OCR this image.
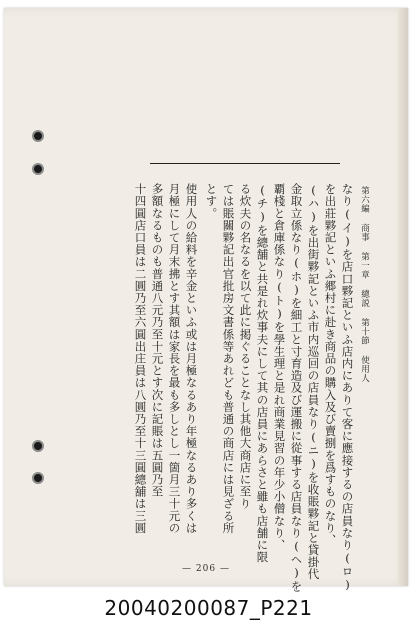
第六編 商事 第一章 總説 第十節 使用人
なり(イ)を店口夥記といふ店内にありて客に應接するの店員なり(ロ)
を出莊夥記といふ郷村に赴き商品の購入及び賣捌を爲すものなり、
(ハ)を出街夥記といふ市内巡回の店員なり(ニ)を收賬夥記と貸掛代
金取立係なり(ホ)を細工と寸育造及び運搬に從事する店員なり(ヘ)を
覇棧と倉庫係なり(ト)を學生理と是れ商業見習の年少小僧なり、
(チ)を總舗と共是れ炊事夫にして其の店員にあらさと雖も店舗に限
る炊夫の名なるを以て此に掲ぐることなし其他大商店に至り
ては賬關夥記出官批房文書係等あれども普通の商店には見ざる所
とす。
使用人の給料を辛金といふ或は月極なるあり年極なるあり多くは
月極にして月末拂とす其額は家長を最も多しとし一箇月三十元の
多額なるものも普通八元乃至十元とす次に記賬は五圓乃至
十四圓店口員は二圓乃至六圓出庄員は八圓乃至十三圓總舖は三圓
— 206 —
20040200087_P221
